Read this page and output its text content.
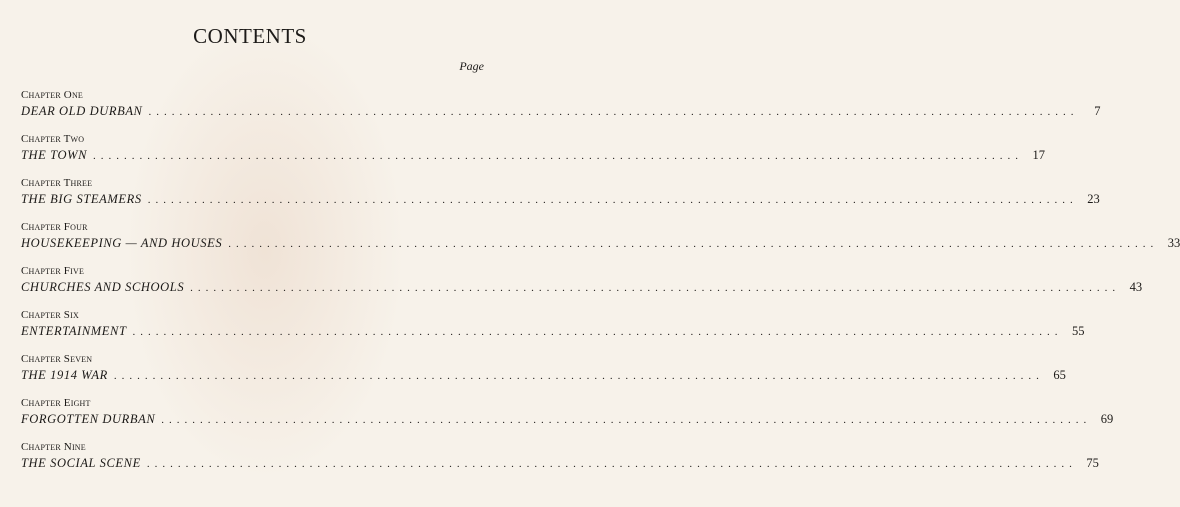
CONTENTS
Page
Chapter One
DEAR OLD DURBAN ........................................................................................................................	7
Chapter Two
THE TOWN ........................................................................................................................ 17
Chapter Three
THE BIG STEAMERS ........................................................................................................................ 23
Chapter Four
HOUSEKEEPING — AND HOUSES ........................................................................................................................ 33
Chapter Five
CHURCHES AND SCHOOLS ........................................................................................................................ 43
Chapter Six
ENTERTAINMENT ........................................................................................................................ 55
Chapter Seven
THE 1914 WAR ........................................................................................................................ 65
Chapter Eight
FORGOTTEN DURBAN ........................................................................................................................ 69
Chapter Nine
THE SOCIAL SCENE ........................................................................................................................ 75
